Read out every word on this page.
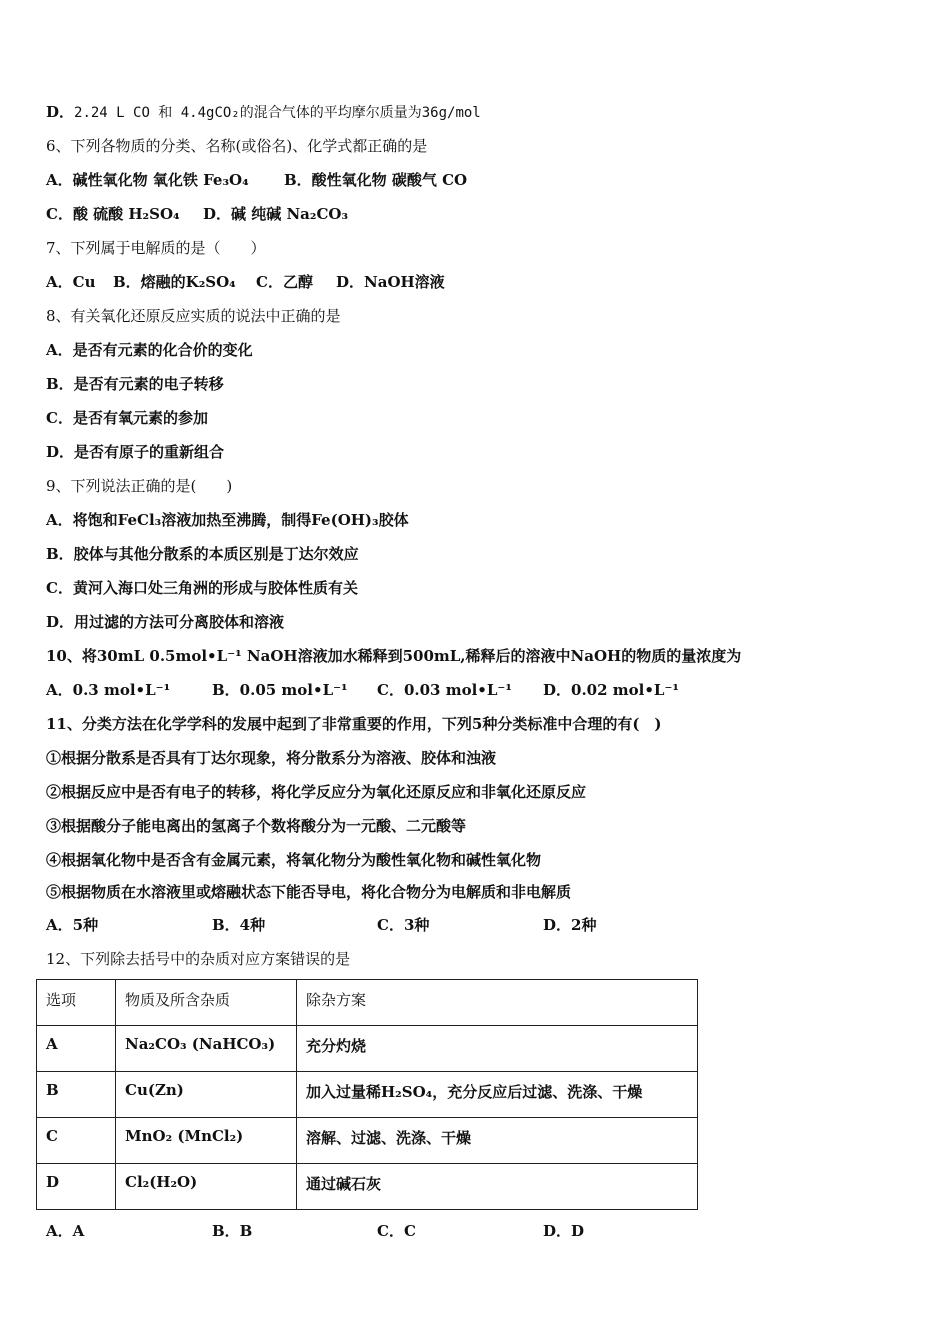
D．2.24 L CO 和 4.4gCO₂的混合气体的平均摩尔质量为36g/mol
6、下列各物质的分类、名称(或俗名)、化学式都正确的是
A．碱性氧化物 氧化铁 Fe₃O₄ B．酸性氧化物 碳酸气 CO
C．酸 硫酸 H₂SO₄ D．碱 纯碱 Na₂CO₃
7、下列属于电解质的是（　　）
A．Cu B．熔融的K₂SO₄ C．乙醇 D．NaOH溶液
8、有关氧化还原反应实质的说法中正确的是
A．是否有元素的化合价的变化
B．是否有元素的电子转移
C．是否有氧元素的参加
D．是否有原子的重新组合
9、下列说法正确的是(　　)
A．将饱和FeCl₃溶液加热至沸腾，制得Fe(OH)₃胶体
B．胶体与其他分散系的本质区别是丁达尔效应
C．黄河入海口处三角洲的形成与胶体性质有关
D．用过滤的方法可分离胶体和溶液
10、将30mL 0.5mol•L⁻¹ NaOH溶液加水稀释到500mL,稀释后的溶液中NaOH的物质的量浓度为
A．0.3 mol•L⁻¹	B．0.05 mol•L⁻¹ C．0.03 mol•L⁻¹ D．0.02 mol•L⁻¹
11、分类方法在化学学科的发展中起到了非常重要的作用，下列5种分类标准中合理的有(　)
①根据分散系是否具有丁达尔现象，将分散系分为溶液、胶体和浊液
②根据反应中是否有电子的转移，将化学反应分为氧化还原反应和非氧化还原反应
③根据酸分子能电离出的氢离子个数将酸分为一元酸、二元酸等
④根据氧化物中是否含有金属元素，将氧化物分为酸性氧化物和碱性氧化物
⑤根据物质在水溶液里或熔融状态下能否导电，将化合物分为电解质和非电解质
A．5种	B．4种	C．3种	D．2种
12、下列除去括号中的杂质对应方案错误的是
选项	物质及所含杂质	除杂方案
A	Na₂CO₃ (NaHCO₃)	充分灼烧
B	Cu(Zn)	加入过量稀H₂SO₄，充分反应后过滤、洗涤、干燥
C	MnO₂ (MnCl₂)	溶解、过滤、洗涤、干燥
D	Cl₂(H₂O)	通过碱石灰
A．A	B．B	C．C	D．D
